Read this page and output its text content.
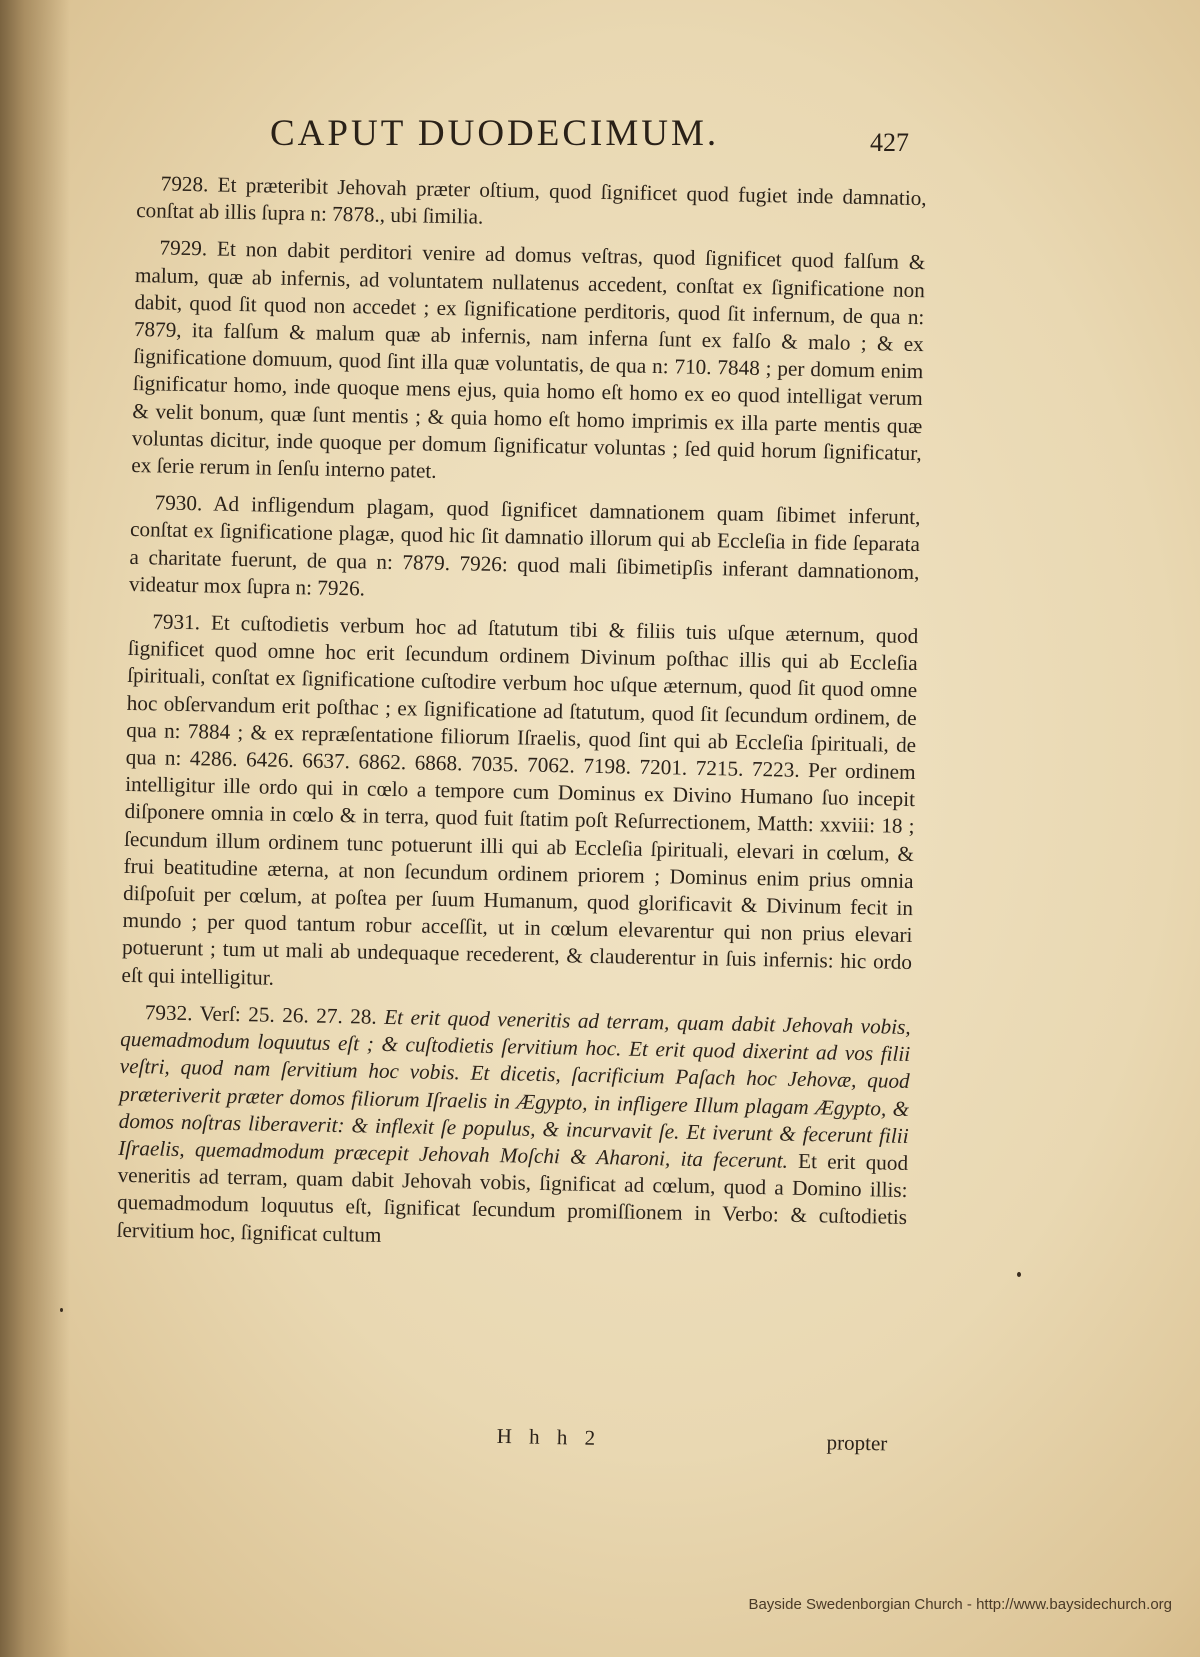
CAPUT DUODECIMUM.	427

7928. Et præteribit Jehovah præter oſtium, quod ſignificet quod fugiet inde damnatio, conſtat ab illis ſupra n: 7878., ubi ſimilia.

7929. Et non dabit perditori venire ad domus veſtras, quod ſignificet quod falſum & malum, quæ ab infernis, ad voluntatem nullatenus accedent, conſtat ex ſignificatione non dabit, quod ſit quod non accedet ; ex ſignificatione perditoris, quod ſit infernum, de qua n: 7879, ita falſum & malum quæ ab infernis, nam inferna ſunt ex falſo & malo ; & ex ſignificatione domuum, quod ſint illa quæ voluntatis, de qua n: 710. 7848 ; per domum enim ſignificatur homo, inde quoque mens ejus, quia homo eſt homo ex eo quod intelligat verum & velit bonum, quæ ſunt mentis ; & quia homo eſt homo imprimis ex illa parte mentis quæ voluntas dicitur, inde quoque per domum ſignificatur voluntas ; ſed quid horum ſignificatur, ex ſerie rerum in ſenſu interno patet.

7930. Ad infligendum plagam, quod ſignificet damnationem quam ſibimet inferunt, conſtat ex ſignificatione plagæ, quod hic ſit damnatio illorum qui ab Eccleſia in fide ſeparata a charitate fuerunt, de qua n: 7879. 7926: quod mali ſibimetipſis inferant damnationom, videatur mox ſupra n: 7926.

7931. Et cuſtodietis verbum hoc ad ſtatutum tibi & filiis tuis uſque æternum, quod ſignificet quod omne hoc erit ſecundum ordinem Divinum poſthac illis qui ab Eccleſia ſpirituali, conſtat ex ſignificatione cuſtodire verbum hoc uſque æternum, quod ſit quod omne hoc obſervandum erit poſthac ; ex ſignificatione ad ſtatutum, quod ſit ſecundum ordinem, de qua n: 7884 ; & ex repræſentatione filiorum Iſraelis, quod ſint qui ab Eccleſia ſpirituali, de qua n: 4286. 6426. 6637. 6862. 6868. 7035. 7062. 7198. 7201. 7215. 7223. Per ordinem intelligitur ille ordo qui in cœlo a tempore cum Dominus ex Divino Humano ſuo incepit diſponere omnia in cœlo & in terra, quod fuit ſtatim poſt Reſurrectionem, Matth: xxviii: 18 ; ſecundum illum ordinem tunc potuerunt illi qui ab Eccleſia ſpirituali, elevari in cœlum, & frui beatitudine æterna, at non ſecundum ordinem priorem ; Dominus enim prius omnia diſpoſuit per cœlum, at poſtea per ſuum Humanum, quod glorificavit & Divinum fecit in mundo ; per quod tantum robur acceſſit, ut in cœlum elevarentur qui non prius elevari potuerunt ; tum ut mali ab undequaque recederent, & clauderentur in ſuis infernis: hic ordo eſt qui intelligitur.

7932. Verſ: 25. 26. 27. 28. Et erit quod veneritis ad terram, quam dabit Jehovah vobis, quemadmodum loquutus eſt ; & cuſtodietis ſervitium hoc. Et erit quod dixerint ad vos filii veſtri, quod nam ſervitium hoc vobis. Et dicetis, ſacrificium Paſach hoc Jehovæ, quod prӕteriverit præter domos filiorum Iſraelis in Ægypto, in infligere Illum plagam Ægypto, & domos noſtras liberaverit: & inflexit ſe populus, & incurvavit ſe. Et iverunt & fecerunt filii Iſraelis, quemadmodum præcepit Jehovah Moſchi & Aharoni, ita fecerunt. Et erit quod veneritis ad terram, quam dabit Jehovah vobis, ſignificat ad cœlum, quod a Domino illis: quemadmodum loquutus eſt, ſignificat ſecundum promiſſionem in Verbo: & cuſtodietis ſervitium hoc, ſignificat cultum

H h h 2	propter
Bayside Swedenborgian Church - http://www.baysidechurch.org
